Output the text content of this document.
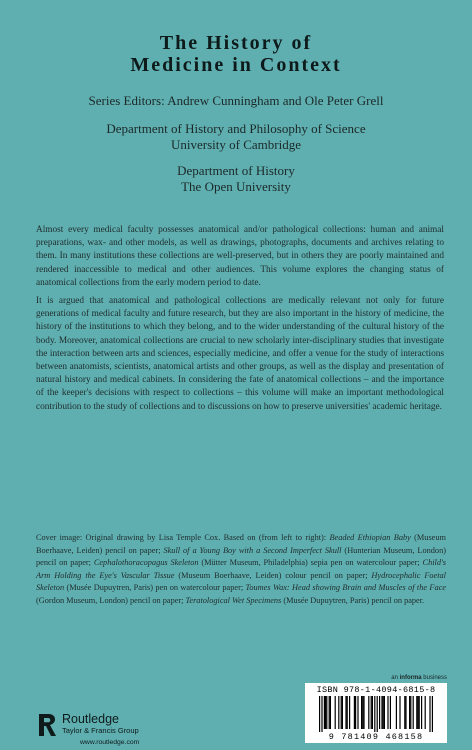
The History of
Medicine in Context
Series Editors: Andrew Cunningham and Ole Peter Grell
Department of History and Philosophy of Science
University of Cambridge
Department of History
The Open University

Almost every medical faculty possesses anatomical and/or pathological collections: human and animal preparations, wax- and other models, as well as drawings, photographs, documents and archives relating to them. In many institutions these collections are well-preserved, but in others they are poorly maintained and rendered inaccessible to medical and other audiences. This volume explores the changing status of anatomical collections from the early modern period to date.

It is argued that anatomical and pathological collections are medically relevant not only for future generations of medical faculty and future research, but they are also important in the history of medicine, the history of the institutions to which they belong, and to the wider understanding of the cultural history of the body. Moreover, anatomical collections are crucial to new scholarly inter-disciplinary studies that investigate the interaction between arts and sciences, especially medicine, and offer a venue for the study of interactions between anatomists, scientists, anatomical artists and other groups, as well as the display and presentation of natural history and medical cabinets. In considering the fate of anatomical collections – and the importance of the keeper's decisions with respect to collections – this volume will make an important methodological contribution to the study of collections and to discussions on how to preserve universities' academic heritage.

Cover image: Original drawing by Lisa Temple Cox. Based on (from left to right): Beaded Ethiopian Baby (Museum Boerhaave, Leiden) pencil on paper; Skull of a Young Boy with a Second Imperfect Skull (Hunterian Museum, London) pencil on paper; Cephalothoracopagus Skeleton (Mütter Museum, Philadelphia) sepia pen on watercolour paper; Child's Arm Holding the Eye's Vascular Tissue (Museum Boerhaave, Leiden) colour pencil on paper; Hydrocephalic Foetal Skeleton (Musée Dupuytren, Paris) pen on watercolour paper; Toumes Wax: Head showing Brain and Muscles of the Face (Gordon Museum, London) pencil on paper; Teratological Wet Specimens (Musée Dupuytren, Paris) pencil on paper.

an informa business
ISBN 978-1-4094-6815-8
9 781409 468158
Routledge
Taylor & Francis Group
www.routledge.com
